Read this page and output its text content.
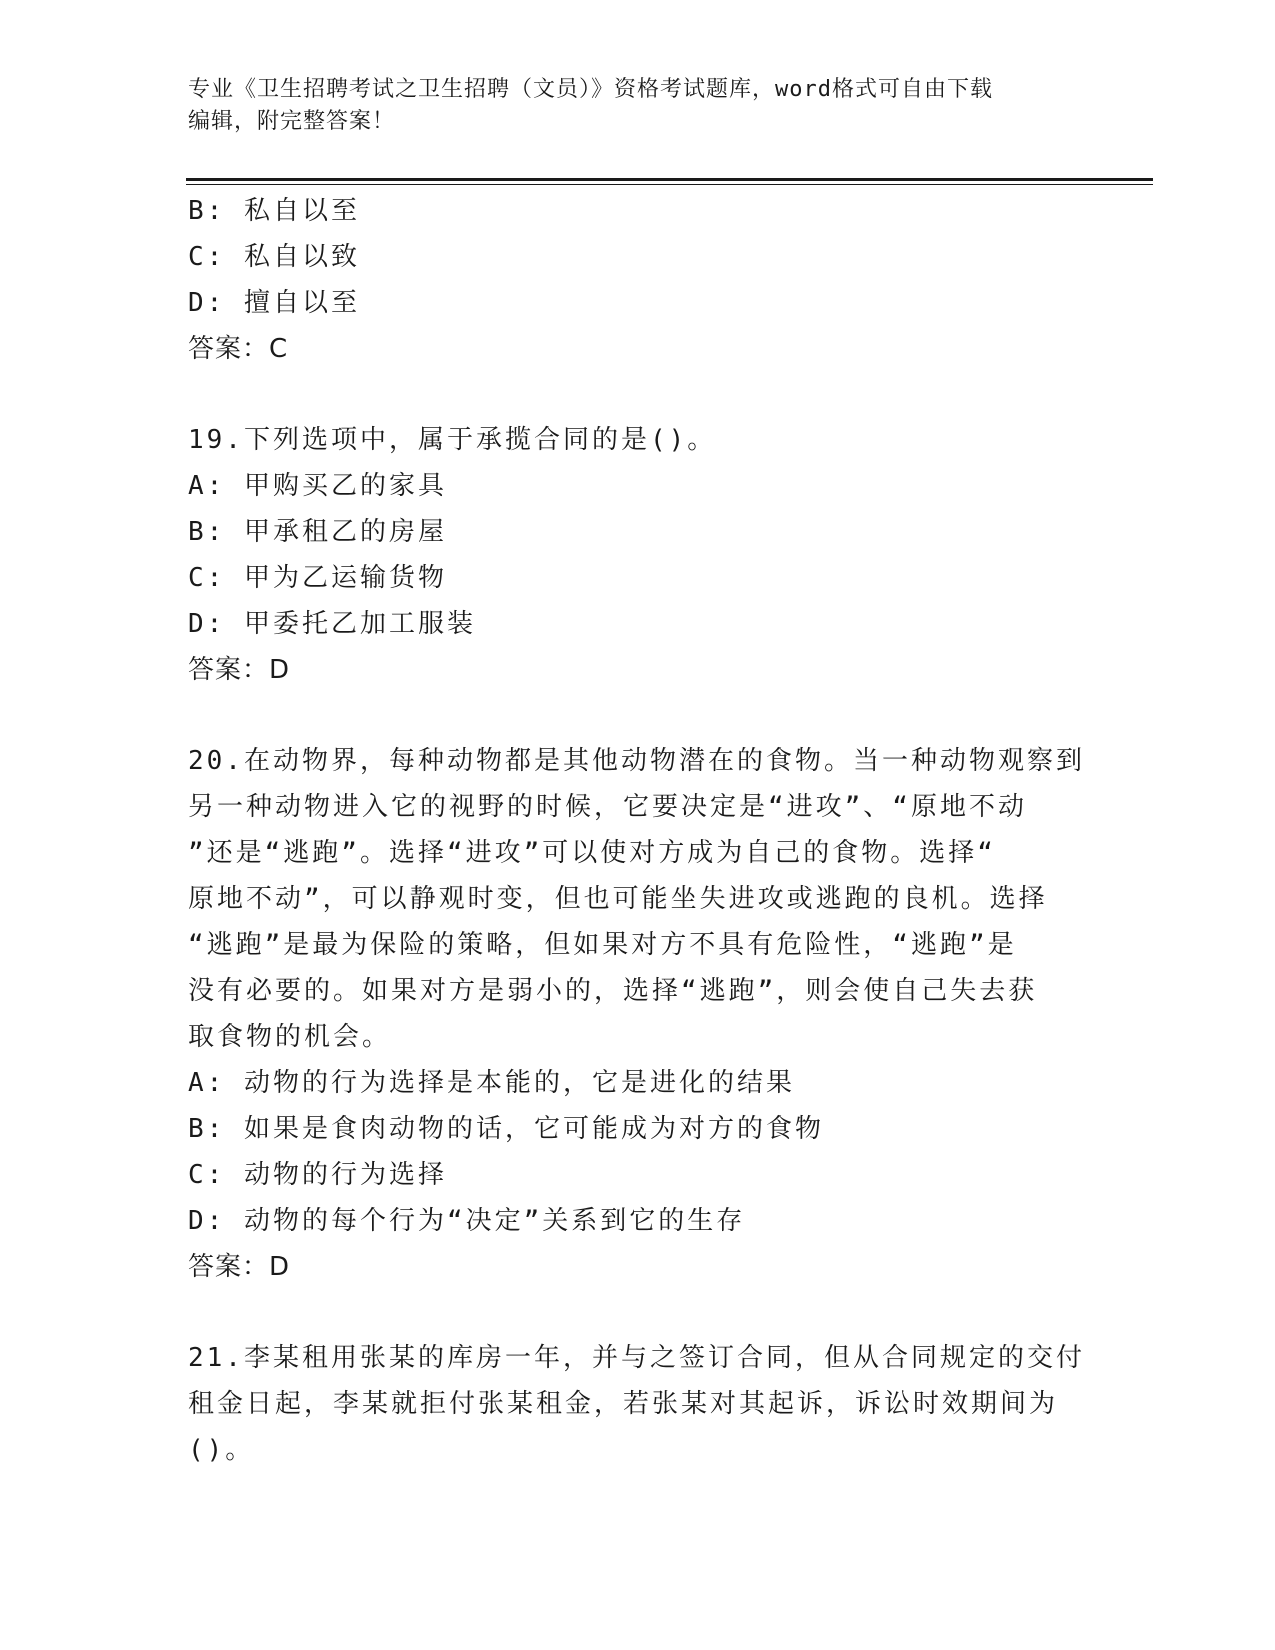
专业《卫生招聘考试之卫生招聘（文员）》资格考试题库，word格式可自由下载
编辑，附完整答案！
B: 私自以至
C: 私自以致
D: 擅自以至
答案：C
19.下列选项中，属于承揽合同的是()。
A: 甲购买乙的家具
B: 甲承租乙的房屋
C: 甲为乙运输货物
D: 甲委托乙加工服装
答案：D
20.在动物界，每种动物都是其他动物潜在的食物。当一种动物观察到
另一种动物进入它的视野的时候，它要决定是“进攻”、“原地不动
”还是“逃跑”。选择“进攻”可以使对方成为自己的食物。选择“
原地不动”，可以静观时变，但也可能坐失进攻或逃跑的良机。选择
“逃跑”是最为保险的策略，但如果对方不具有危险性，“逃跑”是
没有必要的。如果对方是弱小的，选择“逃跑”，则会使自己失去获
取食物的机会。
A: 动物的行为选择是本能的，它是进化的结果
B: 如果是食肉动物的话，它可能成为对方的食物
C: 动物的行为选择
D: 动物的每个行为“决定”关系到它的生存
答案：D
21.李某租用张某的库房一年，并与之签订合同，但从合同规定的交付
租金日起，李某就拒付张某租金，若张某对其起诉，诉讼时效期间为
()。
